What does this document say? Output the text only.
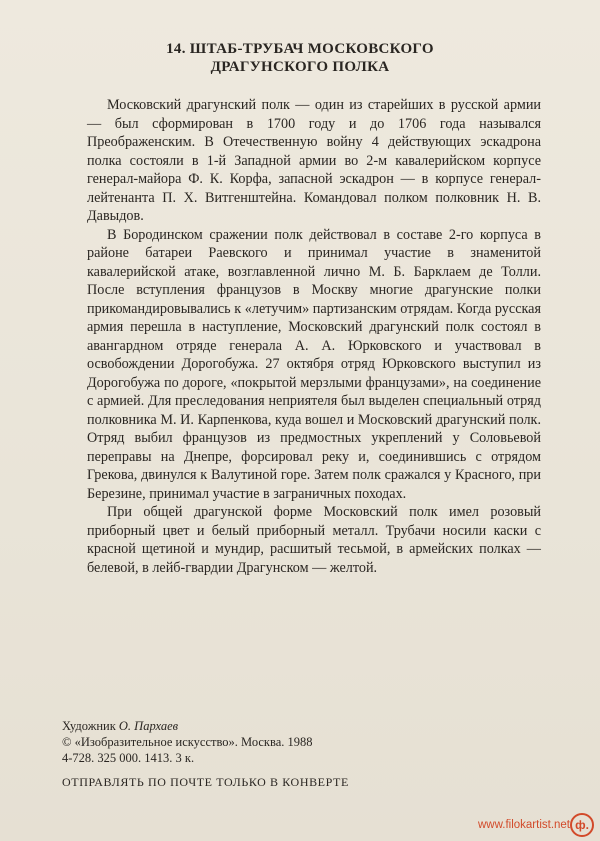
14. ШТАБ-ТРУБАЧ МОСКОВСКОГО
ДРАГУНСКОГО ПОЛКА

Московский драгунский полк — один из старейших в русской армии — был сформирован в 1700 году и до 1706 года назывался Преображенским. В Отечественную войну 4 действующих эскадрона полка состояли в 1-й Западной армии во 2-м кавалерийском корпусе генерал-майора Ф. К. Корфа, запасной эскадрон — в корпусе генерал-лейтенанта П. Х. Витгенштейна. Командовал полком полковник Н. В. Давыдов.

В Бородинском сражении полк действовал в составе 2-го корпуса в районе батареи Раевского и принимал участие в знаменитой кавалерийской атаке, возглавленной лично М. Б. Барклаем де Толли. После вступления французов в Москву многие драгунские полки прикомандировывались к «летучим» партизанским отрядам. Когда русская армия перешла в наступление, Московский драгунский полк состоял в авангардном отряде генерала А. А. Юрковского и участвовал в освобождении Дорогобужа. 27 октября отряд Юрковского выступил из Дорогобужа по дороге, «покрытой мерзлыми французами», на соединение с армией. Для преследования неприятеля был выделен специальный отряд полковника М. И. Карпенкова, куда вошел и Московский драгунский полк. Отряд выбил французов из предмостных укреплений у Соловьевой переправы на Днепре, форсировал реку и, соединившись с отрядом Грекова, двинулся к Валутиной горе. Затем полк сражался у Красного, при Березине, принимал участие в заграничных походах.

При общей драгунской форме Московский полк имел розовый приборный цвет и белый приборный металл. Трубачи носили каски с красной щетиной и мундир, расшитый тесьмой, в армейских полках — белевой, в лейб-гвардии Драгунском — желтой.

Художник О. Пархаев
© «Изобразительное искусство». Москва. 1988
4-728. 325 000. 1413. 3 к.
ОТПРАВЛЯТЬ ПО ПОЧТЕ ТОЛЬКО В КОНВЕРТЕ
www.filokartist.net ф.
